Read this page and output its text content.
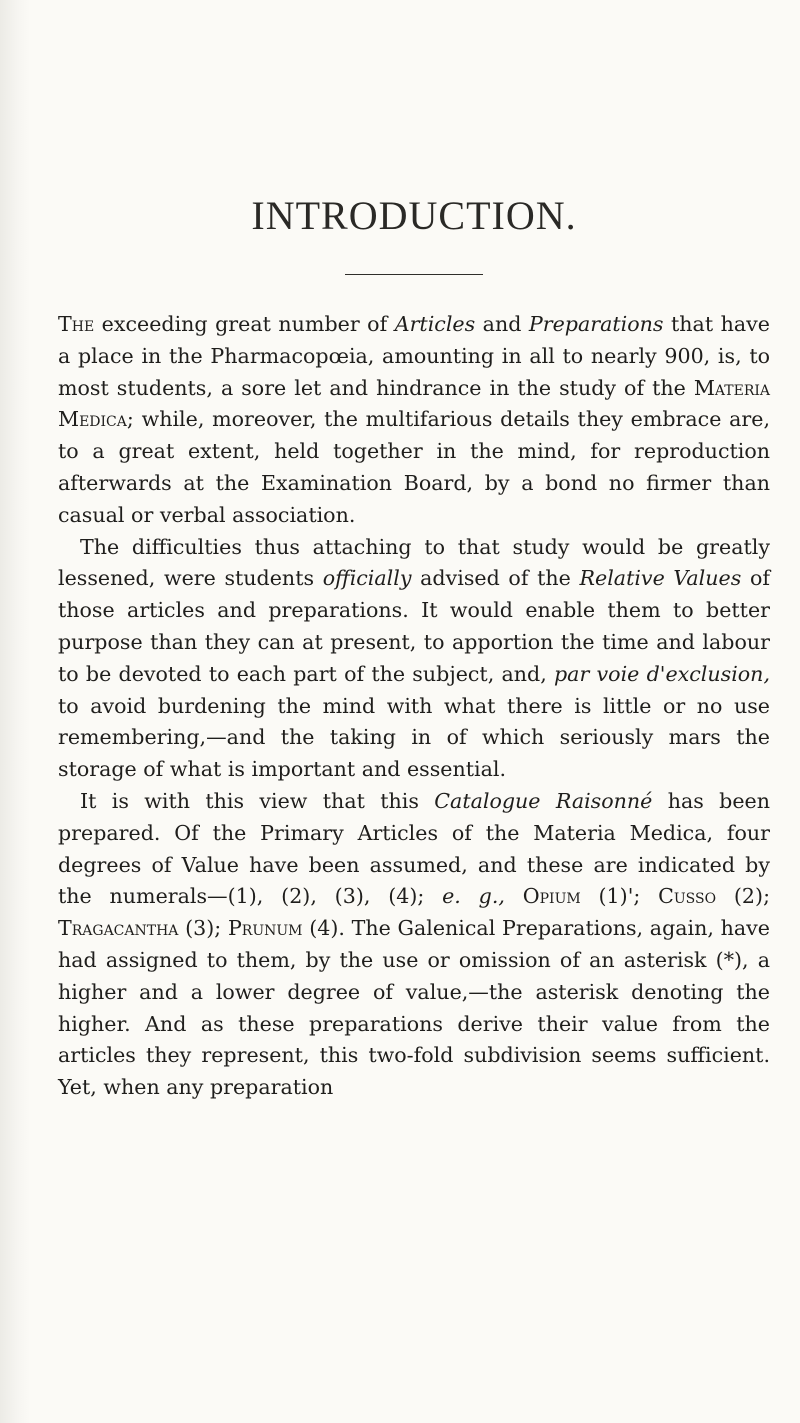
INTRODUCTION.

The exceeding great number of Articles and Preparations that have a place in the Pharmacopœia, amounting in all to nearly 900, is, to most students, a sore let and hindrance in the study of the Materia Medica; while, moreover, the multifarious details they embrace are, to a great extent, held together in the mind, for reproduction afterwards at the Examination Board, by a bond no firmer than casual or verbal association.

The difficulties thus attaching to that study would be greatly lessened, were students officially advised of the Relative Values of those articles and preparations. It would enable them to better purpose than they can at present, to apportion the time and labour to be devoted to each part of the subject, and, par voie d'exclusion, to avoid burdening the mind with what there is little or no use remembering,—and the taking in of which seriously mars the storage of what is important and essential.

It is with this view that this Catalogue Raisonné has been prepared. Of the Primary Articles of the Materia Medica, four degrees of Value have been assumed, and these are indicated by the numerals—(1), (2), (3), (4); e. g., Opium (1)'; Cusso (2); Tragacantha (3); Prunum (4). The Galenical Preparations, again, have had assigned to them, by the use or omission of an asterisk (*), a higher and a lower degree of value,—the asterisk denoting the higher. And as these preparations derive their value from the articles they represent, this two-fold subdivision seems sufficient. Yet, when any preparation
